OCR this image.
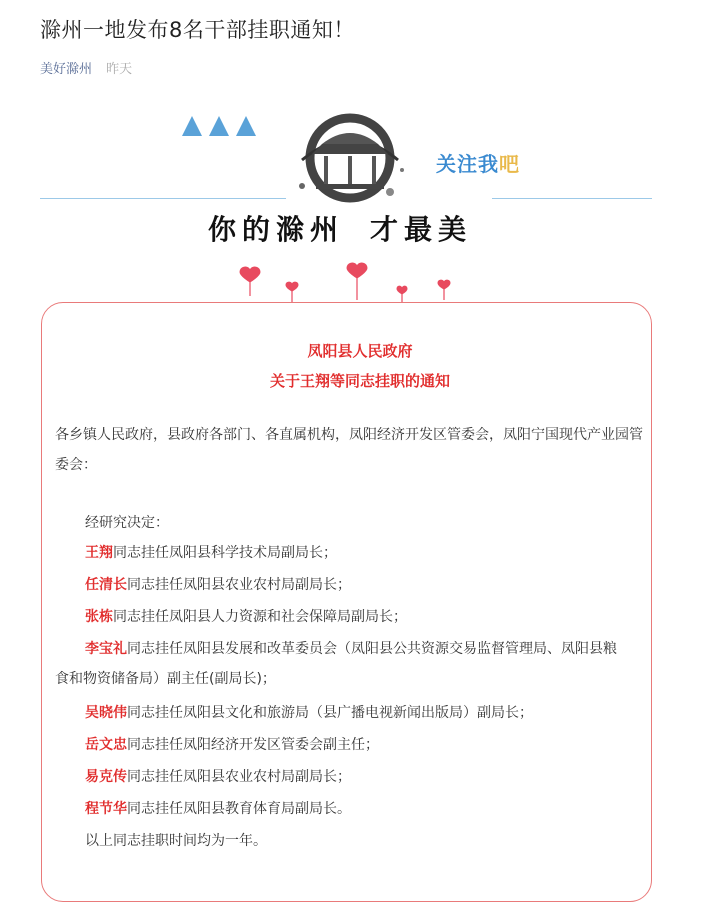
滁州一地发布8名干部挂职通知！
美好滁州 昨天

关注我吧
你的滁州 才最美
凤阳县人民政府
关于王翔等同志挂职的通知
各乡镇人民政府，县政府各部门、各直属机构，凤阳经济开发区管委会，凤阳宁国现代产业园管委会：
经研究决定：
王翔同志挂任凤阳县科学技术局副局长；
任清长同志挂任凤阳县农业农村局副局长；
张栋同志挂任凤阳县人力资源和社会保障局副局长；
李宝礼同志挂任凤阳县发展和改革委员会（凤阳县公共资源交易监督管理局、凤阳县粮
食和物资储备局）副主任(副局长)；
吴晓伟同志挂任凤阳县文化和旅游局（县广播电视新闻出版局）副局长；
岳文忠同志挂任凤阳经济开发区管委会副主任；
易克传同志挂任凤阳县农业农村局副局长；
程节华同志挂任凤阳县教育体育局副局长。
以上同志挂职时间均为一年。
